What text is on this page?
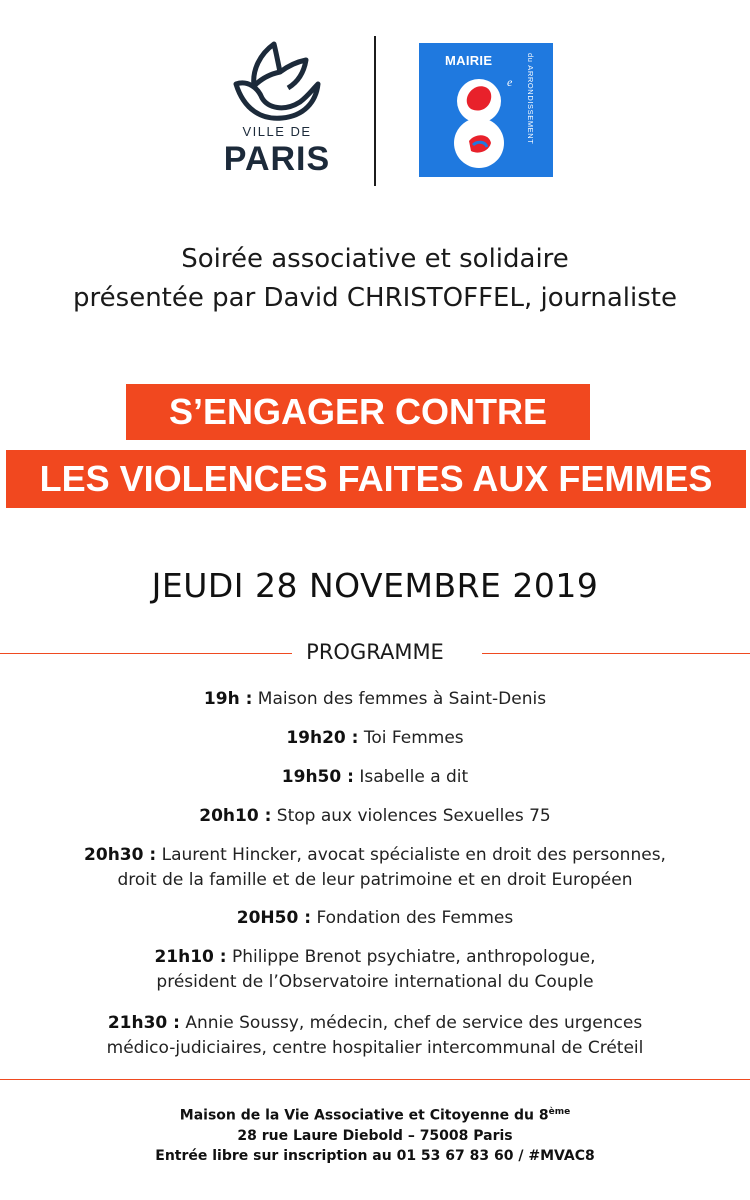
VILLE DE
PARIS
MAIRIE	du ARRONDISSEMENT
e
Soirée associative et solidaire
présentée par David CHRISTOFFEL, journaliste
S’ENGAGER CONTRE
LES VIOLENCES FAITES AUX FEMMES
JEUDI 28 NOVEMBRE 2019
PROGRAMME
19h : Maison des femmes à Saint-Denis
19h20 : Toi Femmes
19h50 : Isabelle a dit
20h10 : Stop aux violences Sexuelles 75
20h30 : Laurent Hincker, avocat spécialiste en droit des personnes,
droit de la famille et de leur patrimoine et en droit Européen
20H50 : Fondation des Femmes
21h10 : Philippe Brenot psychiatre, anthropologue,
président de l’Observatoire international du Couple
21h30 : Annie Soussy, médecin, chef de service des urgences
médico-judiciaires, centre hospitalier intercommunal de Créteil
Maison de la Vie Associative et Citoyenne du 8ème
28 rue Laure Diebold – 75008 Paris
Entrée libre sur inscription au 01 53 67 83 60 / #MVAC8
